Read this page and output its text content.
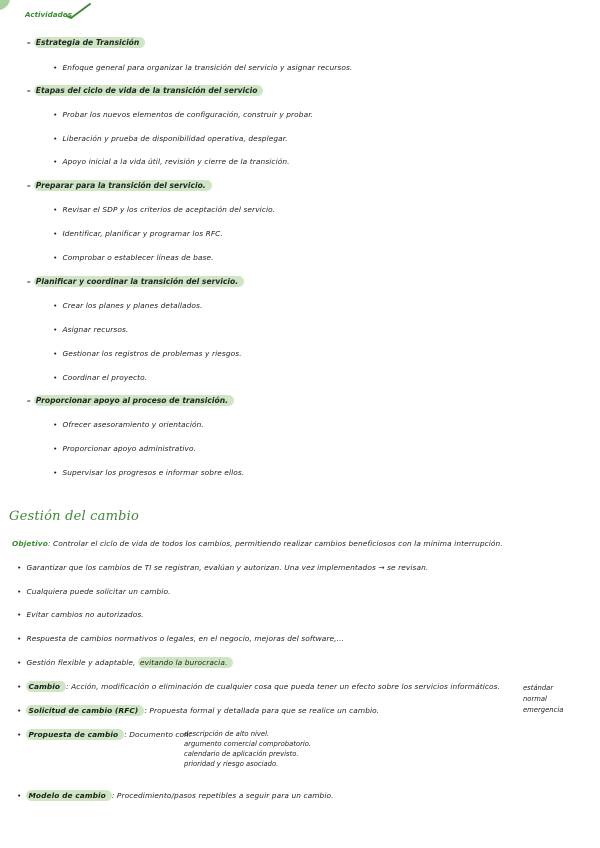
Actividades
– Estrategia de Transición
• Enfoque general para organizar la transición del servicio y asignar recursos.
– Etapas del ciclo de vida de la transición del servicio
• Probar los nuevos elementos de configuración, construir y probar.
• Liberación y prueba de disponibilidad operativa, desplegar.
• Apoyo inicial a la vida útil, revisión y cierre de la transición.
– Preparar para la transición del servicio.
• Revisar el SDP y los criterios de aceptación del servicio.
• Identificar, planificar y programar los RFC.
• Comprobar o establecer líneas de base.
– Planificar y coordinar la transición del servicio.
• Crear los planes y planes detallados.
• Asignar recursos.
• Gestionar los registros de problemas y riesgos.
• Coordinar el proyecto.
– Proporcionar apoyo al proceso de transición.
• Ofrecer asesoramiento y orientación.
• Proporcionar apoyo administrativo.
• Supervisar los progresos e informar sobre ellos.
Gestión del cambio
Objetivo: Controlar el ciclo de vida de todos los cambios, permitiendo realizar cambios beneficiosos con la mínima interrupción.
• Garantizar que los cambios de TI se registran, evalúan y autorizan. Una vez implementados → se revisan.
• Cualquiera puede solicitar un cambio.
• Evitar cambios no autorizados.
• Respuesta de cambios normativos o legales, en el negocio, mejoras del software,...
• Gestión flexible y adaptable, evitando la burocracia.
• Cambio : Acción, modificación o eliminación de cualquier cosa que pueda tener un efecto sobre los servicios informáticos.
• Solicitud de cambio (RFC) : Propuesta formal y detallada para que se realice un cambio.
• Propuesta de cambio : Documento con:
descripción de alto nivel.
argumento comercial comprobatorio.
calendario de aplicación previsto.
prioridad y riesgo asociado.
• Modelo de cambio : Procedimiento/pasos repetibles a seguir para un cambio.
estándar
normal
emergencia
